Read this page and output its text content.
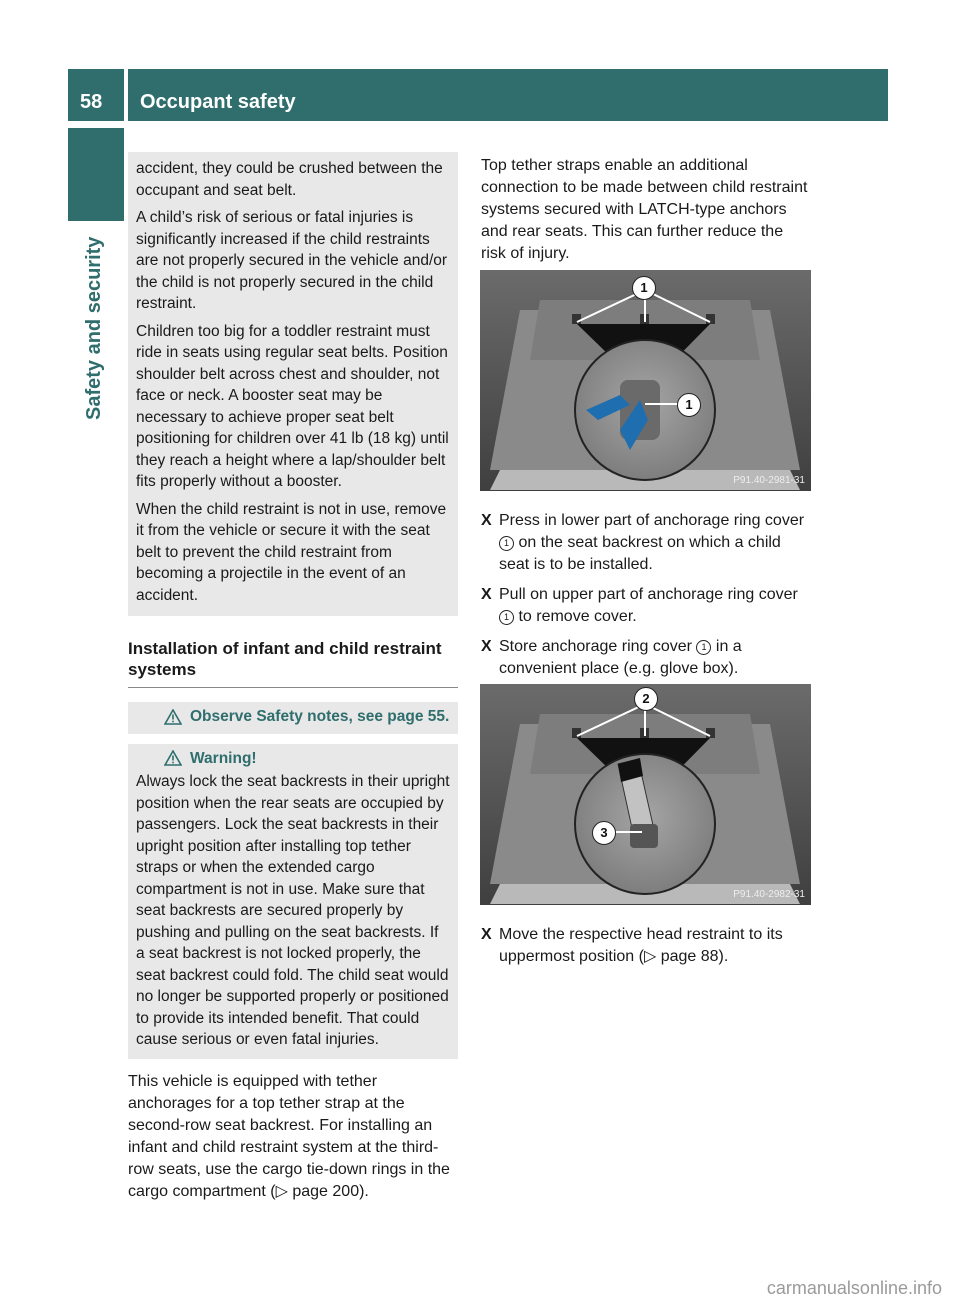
58 Occupant safety
Safety and security

accident, they could be crushed between the occupant and seat belt.

A child’s risk of serious or fatal injuries is significantly increased if the child restraints are not properly secured in the vehicle and/or the child is not properly secured in the child restraint.

Children too big for a toddler restraint must ride in seats using regular seat belts. Position shoulder belt across chest and shoulder, not face or neck. A booster seat may be necessary to achieve proper seat belt positioning for children over 41 lb (18 kg) until they reach a height where a lap/shoulder belt fits properly without a booster.

When the child restraint is not in use, remove it from the vehicle or secure it with the seat belt to prevent the child restraint from becoming a projectile in the event of an accident.

Installation of infant and child restraint systems
Observe Safety notes, see page 55.
Warning!

Always lock the seat backrests in their upright position when the rear seats are occupied by passengers. Lock the seat backrests in their upright position after installing top tether straps or when the extended cargo compartment is not in use. Make sure that seat backrests are secured properly by pushing and pulling on the seat backrests. If a seat backrest is not locked properly, the seat backrest could fold. The child seat would no longer be supported properly or positioned to provide its intended benefit. That could cause serious or even fatal injuries.

This vehicle is equipped with tether anchorages for a top tether strap at the second-row seat backrest. For installing an infant and child restraint system at the third-row seats, use the cargo tie-down rings in the cargo compartment (▷ page 200).

Top tether straps enable an additional connection to be made between child restraint systems secured with LATCH-type anchors and rear seats. This can further reduce the risk of injury.

1
1
P91.40-2981-31
X Press in lower part of anchorage ring cover 1 on the seat backrest on which a child seat is to be installed.
X Pull on upper part of anchorage ring cover 1 to remove cover.
X Store anchorage ring cover 1 in a convenient place (e.g. glove box).
2
3
P91.40-2982-31
X Move the respective head restraint to its uppermost position (▷ page 88).
carmanualsonline.info
